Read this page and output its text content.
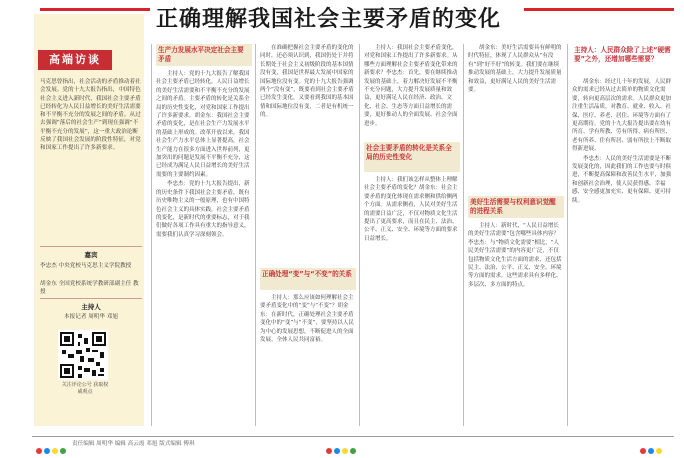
正确理解我国社会主要矛盾的变化
高端访谈
马克思曾指出，社会活动的矛盾推动着社会发展。党的十九大报告指出，中国特色社会主义进入新时代，我国社会主要矛盾已经转化为人民日益增长的美好生活需要和不平衡不充分的发展之间的矛盾。从过去强调“落后的社会生产”到现在强调“不平衡不充分的发展”，这一重大政治论断反映了我国社会发展的阶段性特征，对党和国家工作提出了许多新要求。
嘉宾
李忠杰 中央党校马克思主义学院教授
胡金东 全国党校系统学教研部副主任 教授
主持人
本报记者 周明华 邓旭
关注评论公号 获取权威观点
生产力发展水平决定社会主要矛盾

主持人：党的十九大报告了解我国社会主要矛盾已经转化，人民日益增长的美好生活需要和不平衡不充分的发展之间的矛盾。主要矛盾的转化是关系全局的历史性变化，对党和国家工作提出了许多新要求。胡金东：我国社会主要矛盾的变化，是在社会生产力发展水平的基础上形成的。改革开放以来，我国社会生产力水平总体上显著提高，社会生产能力在很多方面进入世界前列，更加突出的问题是发展不平衡不充分，这已经成为满足人民日益增长的美好生活需要的主要制约因素。

李忠杰：党的十九大报告提出，新的历史条件下我国社会主要矛盾，既有历史唯物主义的一般原理，也有中国特色社会主义的具体实践。社会主要矛盾的变化，是新时代的重要标志，对于我们做好各项工作具有重大的指导意义，需要我们认真学习深刻领会。

在准确把握社会主要矛盾的变化的同时，还必须认识到，我国仍处于并将长期处于社会主义初级阶段的基本国情没有变，我国是世界最大发展中国家的国际地位没有变。党的十九大报告强调两个“没有变”，既要看到社会主要矛盾已经发生变化，又要看到我国的基本国情和国际地位没有变，二者是有机统一的。

正确处理“变”与“不变”的关系

主持人：那么应该如何理解社会主要矛盾变化中的“变”与“不变”？胡金东：在新时代，正确处理社会主要矛盾变化中的“变”与“不变”，要坚持以人民为中心的发展思想，不断促进人的全面发展、全体人民共同富裕。

主持人：我国社会主要矛盾变化，对党和国家工作提出了许多新要求。从哪些方面理解社会主要矛盾变化带来的新要求？李忠杰：首先，要在继续推动发展的基础上，着力解决好发展不平衡不充分问题，大力提升发展质量和效益，更好满足人民在经济、政治、文化、社会、生态等方面日益增长的需要，更好推动人的全面发展、社会全面进步。

社会主要矛盾的转化是关系全局的历史性变化

主持人：我们该怎样从整体上理解社会主要矛盾的变化？胡金东：社会主要矛盾的变化体现在需求侧和供给侧两个方面。从需求侧看，人民对美好生活的需要日益广泛，不仅对物质文化生活提出了更高要求，而且在民主、法治、公平、正义、安全、环境等方面的要求日益增长。

胡金东：美好生活需要具有鲜明的时代特征，体现了人民群众从“有没有”到“好不好”的转变。我们要在继续推动发展的基础上，大力提升发展质量和效益，更好满足人民的美好生活需要。

美好生活需要与权利意识觉醒的进程关系

主持人：新时代，“人民日益增长的美好生活需要”包含哪些具体内容？李忠杰：与“物质文化需要”相比，“人民美好生活需要”的内容更广泛，不仅包括物质文化生活方面的需求，还包括民主、法治、公平、正义、安全、环境等方面的需求。这些需求具有多样化、多层次、多方面的特点。

主持人：人民群众除了上述“硬需要”之外，还增加哪些需要？

胡金东：经过几十年的发展，人民群众的需求已经从过去简单的物质文化需要，转向更高层次的需求。人民群众更加注重生活品质，对教育、就业、收入、社保、医疗、养老、居住、环境等方面有了更高期待。党的十九大报告提出要在幼有所育、学有所教、劳有所得、病有所医、老有所养、住有所居、弱有所扶上不断取得新进展。

李忠杰：人民的美好生活需要是不断发展变化的，因此我们的工作也要与时俱进，不断提高保障和改善民生水平，加强和创新社会治理，使人民获得感、幸福感、安全感更加充实、更有保障、更可持续。

责任编辑 周明华 编辑 高云霞 邓旭 版式编辑 傅琪
